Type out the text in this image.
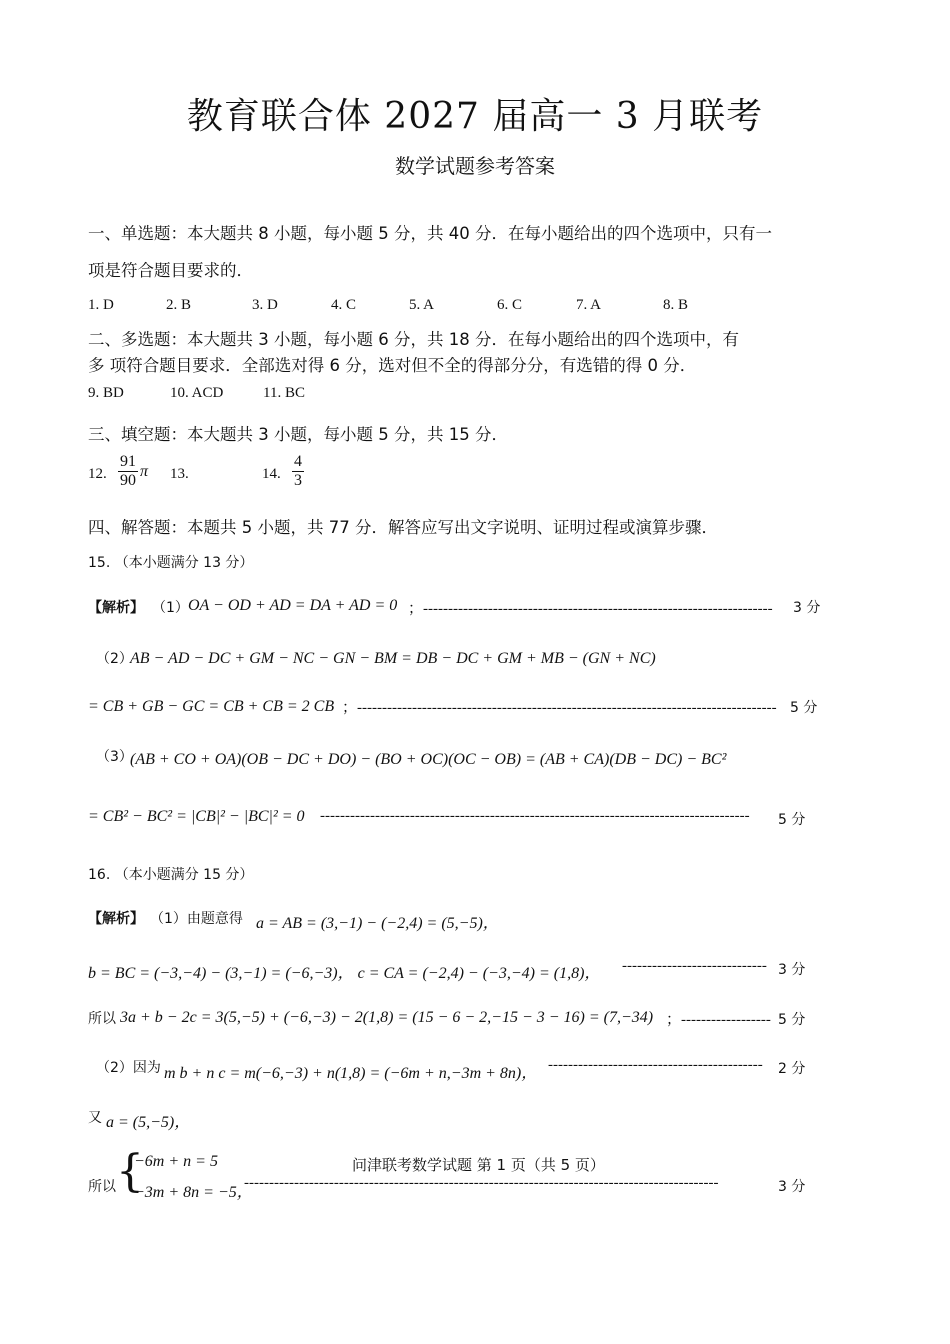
教育联合体 2027 届高一 3 月联考
数学试题参考答案
一、单选题：本大题共 8 小题，每小题 5 分，共 40 分．在每小题给出的四个选项中，只有一
项是符合题目要求的．
1. D	2. B	3. D	4. C	5. A	6. C	7. A	8. B
二、多选题：本大题共 3 小题，每小题 6 分，共 18 分．在每小题给出的四个选项中，有
多 项符合题目要求．全部选对得 6 分，选对但不全的得部分分，有选错的得 0 分．
9. BD	10. ACD	11. BC
三、填空题：本大题共 3 小题，每小题 5 分，共 15 分．
12. $\frac{91}{90}$ π 13.	14. $\frac{4}{3}$
四、解答题：本题共 5 小题，共 77 分．解答应写出文字说明、证明过程或演算步骤．
15. （本小题满分 13 分）
【解析】 （1） OA − OD + AD = DA + AD = 0 ；---------------------------------------------------------------------- 3 分
（2）
AB − AD − DC + GM − NC − GN − BM = DB − DC + GM + MB − (GN + NC)
= CB + GB − GC = CB + CB = 2 CB ；------------------------------------------------------------------------------------ 5 分
（3）
(AB + CO + OA)(OB − DC + DO) − (BO + OC)(OC − OB) = (AB + CA)(DB − DC) − BC²
= CB² − BC² = |CB|² − |BC|² = 0 -------------------------------------------------------------------------------------- 5 分
16. （本小题满分 15 分）
【解析】 （1）由题意得 a = AB = (3,−1) − (−2,4) = (5,−5)，
b = BC = (−3,−4) − (3,−1) = (−6,−3)， c = CA = (−2,4) − (−3,−4) = (1,8)， ----------------------------- 3 分
所以 3a + b − 2c = 3(5,−5) + (−6,−3) − 2(1,8) = (15 − 6 − 2,−15 − 3 − 16) = (7,−34) ；------------------ 5 分
（2）因为 m b + n c = m(−6,−3) + n(1,8) = (−6m + n,−3m + 8n)， ------------------------------------------- 2 分
又 a = (5,−5)，
所以 {
−6m + n = 5
−3m + 8n = −5，
-----------------------------------------------------------------------------------------------	3 分
问津联考数学试题 第 1 页（共 5 页）
